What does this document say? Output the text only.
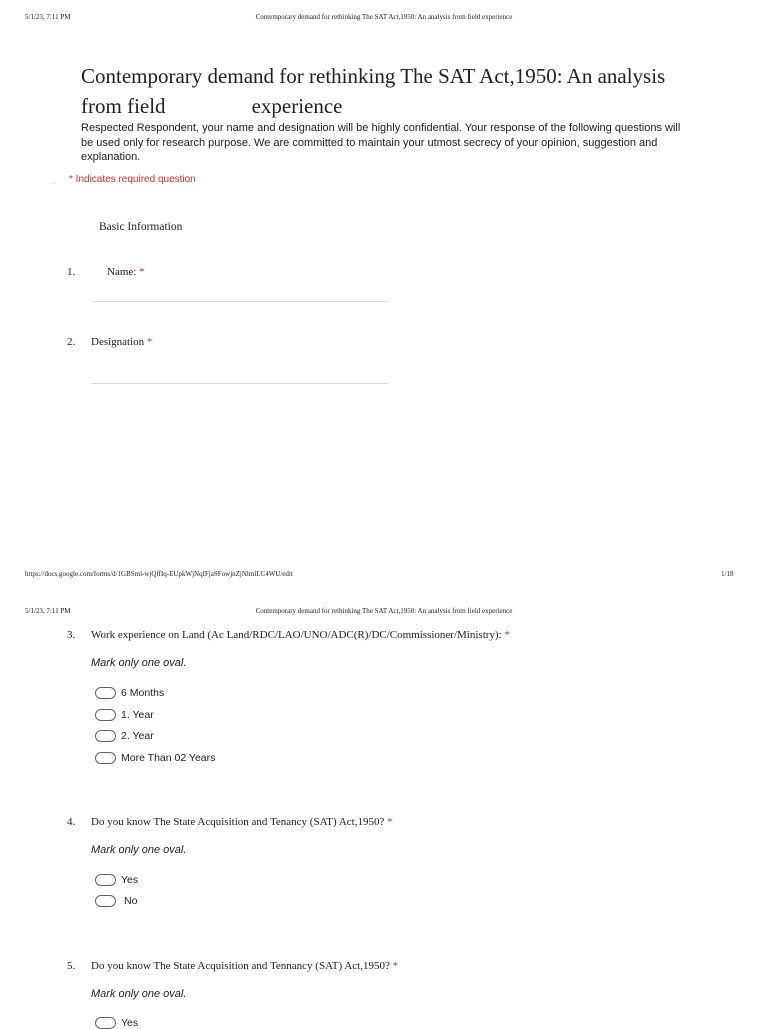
5/1/23, 7:11 PM	Contemporary demand for rethinking The SAT Act,1950: An analysis from field experience
Contemporary demand for rethinking The SAT Act,1950: An analysis from field	experience
Respected Respondent, your name and designation will be highly confidential. Your response of the following questions will be used only for research purpose. We are committed to maintain your utmost secrecy of your opinion, suggestion and explanation.
. * Indicates required question
Basic Information
1.	Name: *
2. Designation *
https://docs.google.com/forms/d/1GBSml-wjQffIq-EUpkWjNqIFjaSFowjnZjNlmlLC4WU/edit	1/18
5/1/23, 7:11 PM	Contemporary demand for rethinking The SAT Act,1950: An analysis from field experience
3. Work experience on Land (Ac Land/RDC/LAO/UNO/ADC(R)/DC/Commissioner/Ministry): *
Mark only one oval.
6 Months
1. Year
2. Year
More Than 02 Years
4. Do you know The State Acquisition and Tenancy (SAT) Act,1950? *
Mark only one oval.
Yes
No
5. Do you know The State Acquisition and Tennancy (SAT) Act,1950? *
Mark only one oval.
Yes
